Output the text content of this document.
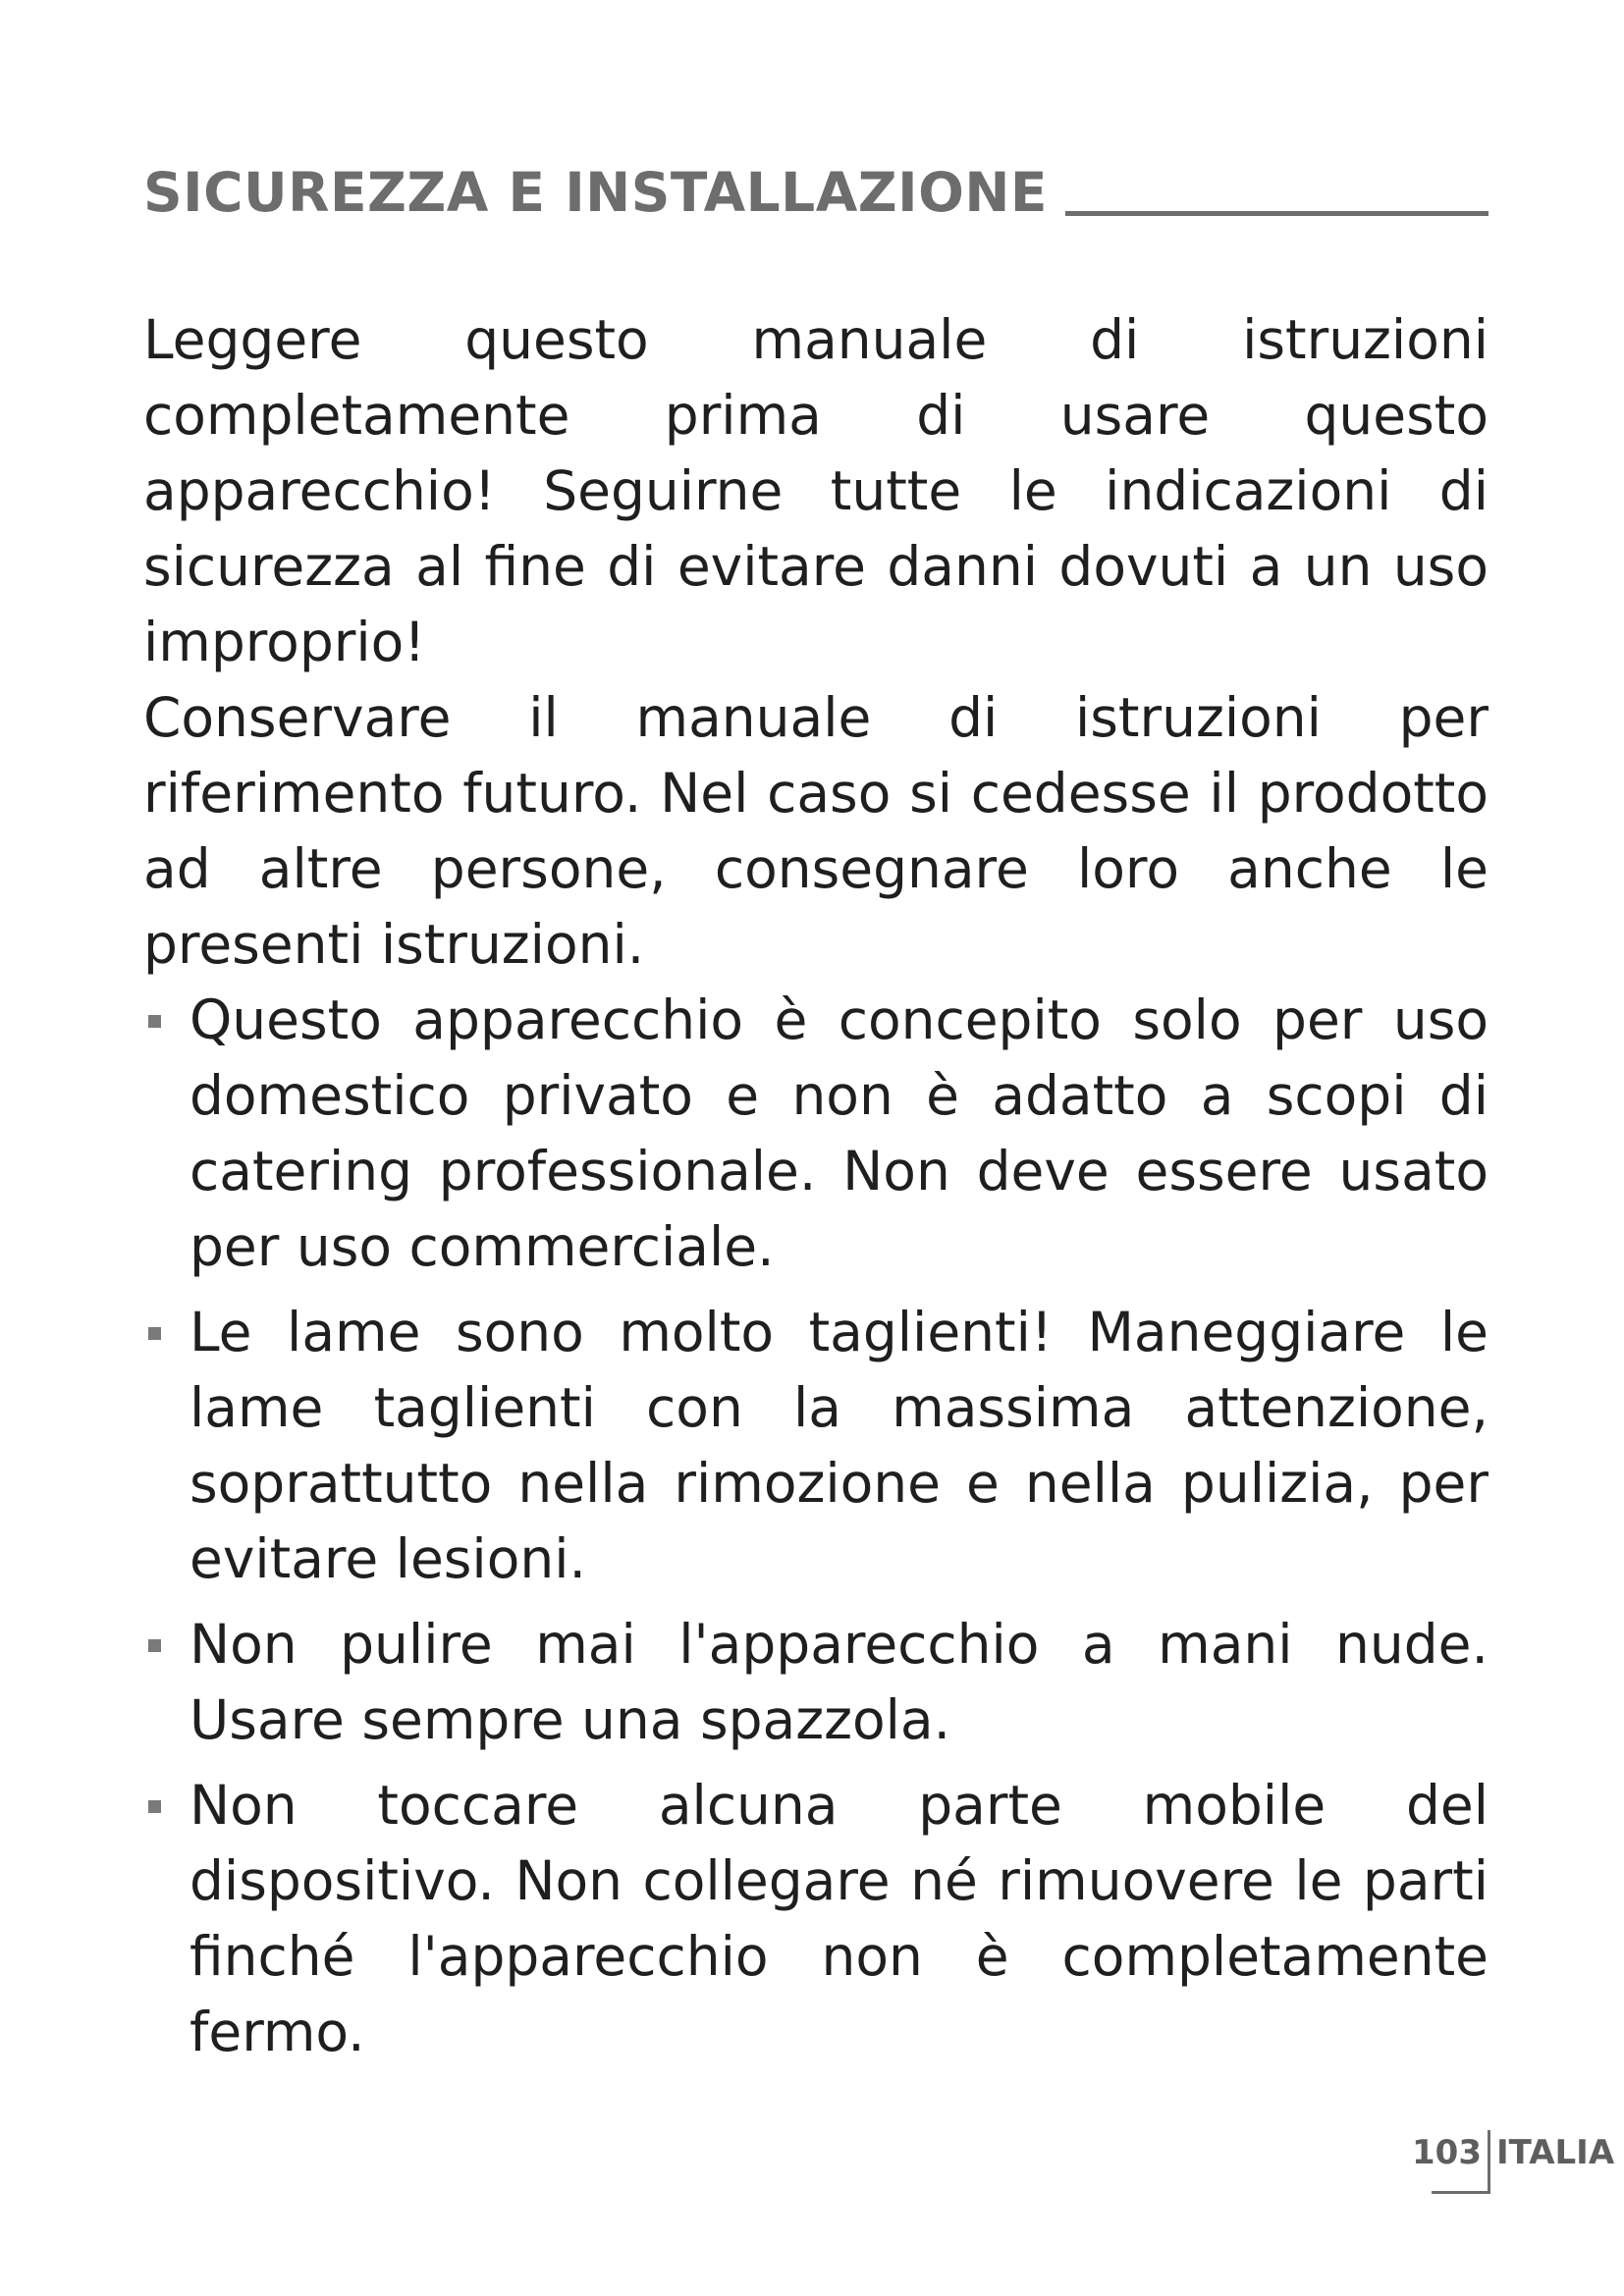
SICUREZZA E INSTALLAZIONE

Leggere questo manuale di istruzioni completamente prima di usare questo apparecchio! Seguirne tutte le indicazioni di sicurezza al fine di evitare danni dovuti a un uso improprio!

Conservare il manuale di istruzioni per riferimento futuro. Nel caso si cedesse il prodotto ad altre persone, consegnare loro anche le presenti istruzioni.

Questo apparecchio è concepito solo per uso domestico privato e non è adatto a scopi di catering professionale. Non deve essere usato per uso commerciale.
Le lame sono molto taglienti! Maneggiare le lame taglienti con la massima attenzione, soprattutto nella rimozione e nella pulizia, per evitare lesioni.
Non pulire mai l'apparecchio a mani nude. Usare sempre una spazzola.
Non toccare alcuna parte mobile del dispositivo. Non collegare né rimuovere le parti finché l'apparecchio non è completamente fermo.
103 ITALIA
